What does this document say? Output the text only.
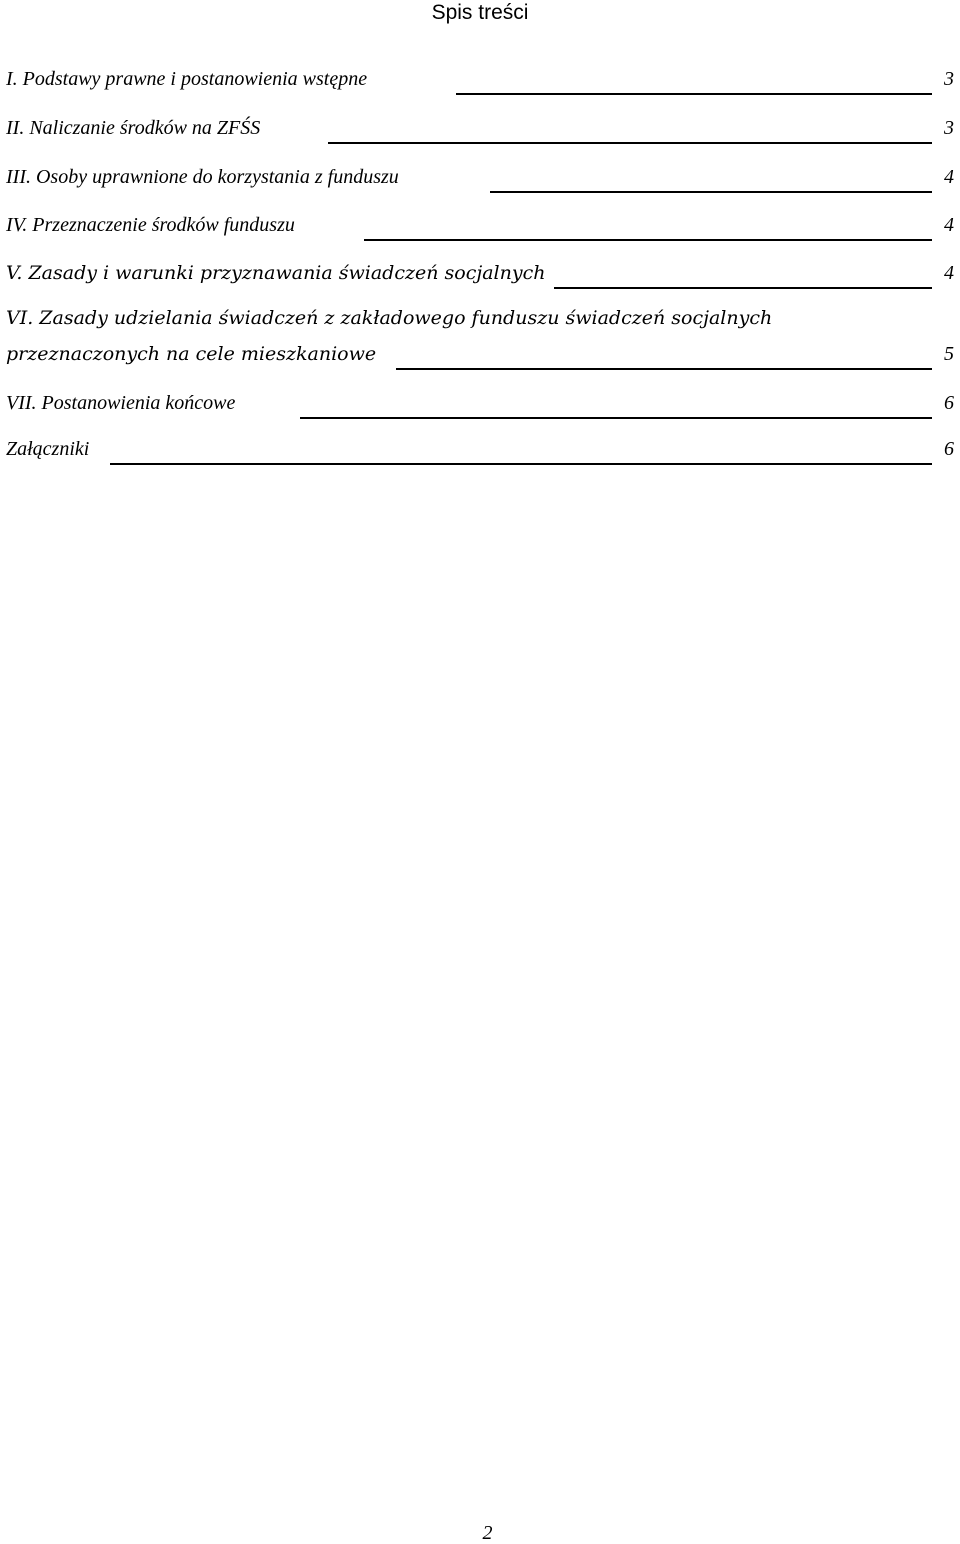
Spis treści
I. Podstawy prawne i postanowienia wstępne	3
II. Naliczanie środków na ZFŚS	3
III. Osoby uprawnione do korzystania z funduszu	4
IV. Przeznaczenie środków funduszu	4
V. Zasady i warunki przyznawania świadczeń socjalnych	4
VI. Zasady udzielania świadczeń z zakładowego funduszu świadczeń socjalnych
przeznaczonych na cele mieszkaniowe	5
VII. Postanowienia końcowe	6
Załączniki	6
2
